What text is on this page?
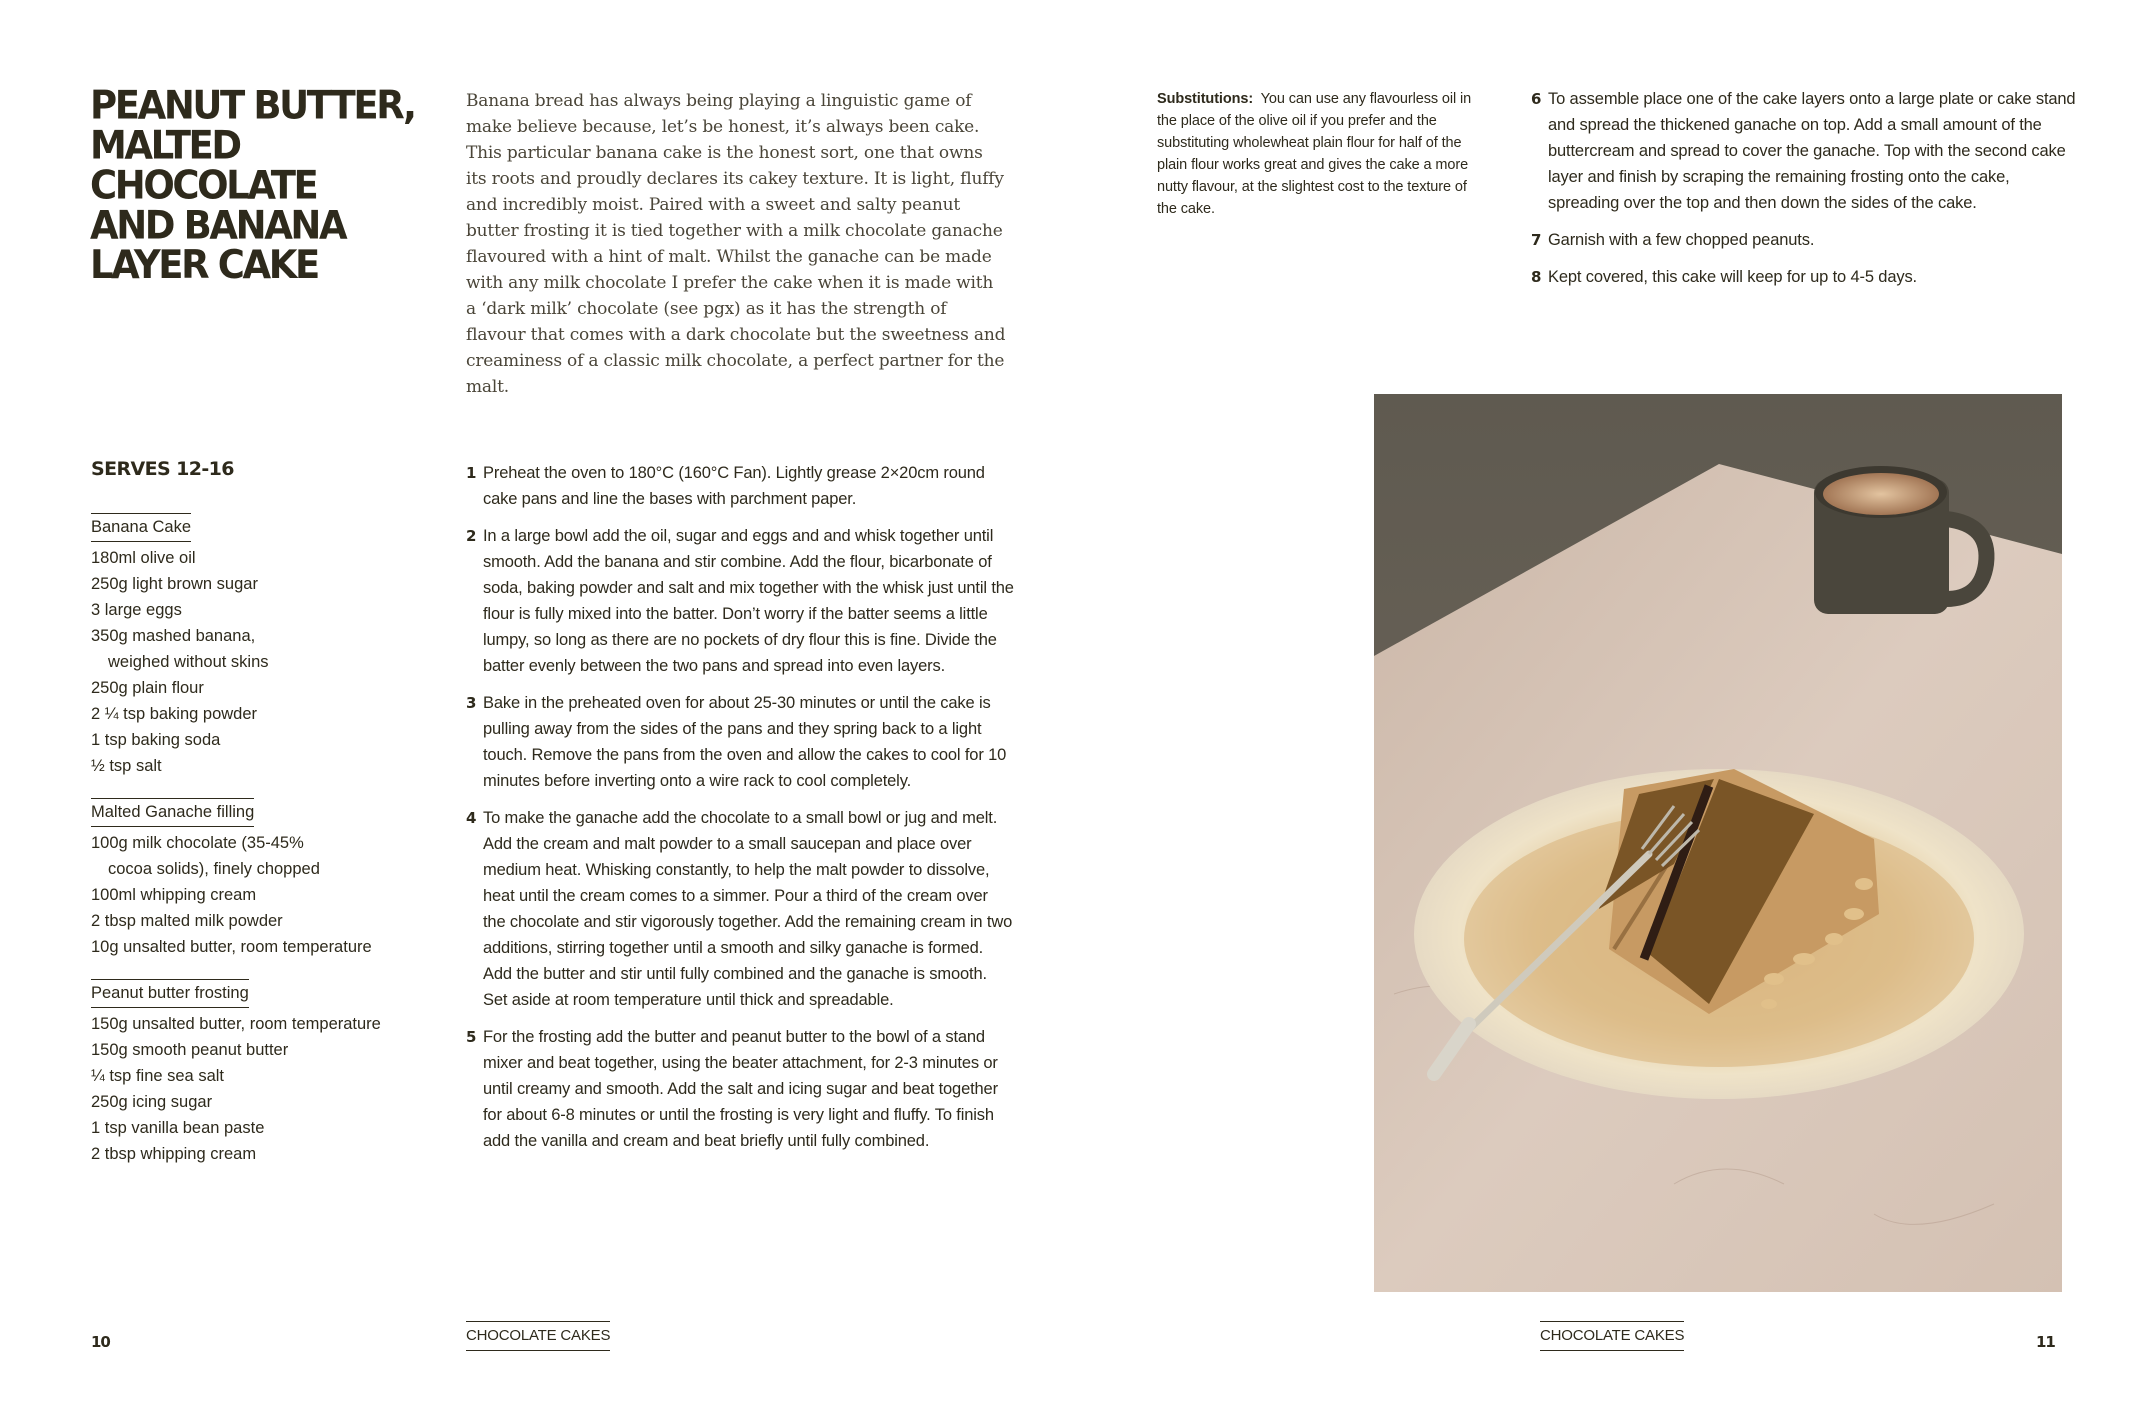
PEANUT BUTTER,
MALTED
CHOCOLATE
AND BANANA
LAYER CAKE

Banana bread has always being playing a linguistic game of make believe because, let’s be honest, it’s always been cake. This particular banana cake is the honest sort, one that owns its roots and proudly declares its cakey texture. It is light, fluffy and incredibly moist. Paired with a sweet and salty peanut butter frosting it is tied together with a milk chocolate ganache flavoured with a hint of malt. Whilst the ganache can be made with any milk chocolate I prefer the cake when it is made with a ‘dark milk’ chocolate (see pgx) as it has the strength of flavour that comes with a dark chocolate but the sweetness and creaminess of a classic milk chocolate, a perfect partner for the malt.

SERVES 12-16
Banana Cake
180ml olive oil
250g light brown sugar
3 large eggs
350g mashed banana,
weighed without skins
250g plain flour
2 ¼ tsp baking powder
1 tsp baking soda
½ tsp salt
Malted Ganache filling
100g milk chocolate (35-45%
cocoa solids), finely chopped
100ml whipping cream
2 tbsp malted milk powder
10g unsalted butter, room temperature
Peanut butter frosting
150g unsalted butter, room temperature
150g smooth peanut butter
¼ tsp fine sea salt
250g icing sugar
1 tsp vanilla bean paste
2 tbsp whipping cream
1 Preheat the oven to 180°C (160°C Fan). Lightly grease 2×20cm round cake pans and line the bases with parchment paper.
2 In a large bowl add the oil, sugar and eggs and and whisk together until smooth. Add the banana and stir combine. Add the flour, bicarbonate of soda, baking powder and salt and mix together with the whisk just until the flour is fully mixed into the batter. Don’t worry if the batter seems a little lumpy, so long as there are no pockets of dry flour this is fine. Divide the batter evenly between the two pans and spread into even layers.
3 Bake in the preheated oven for about 25-30 minutes or until the cake is pulling away from the sides of the pans and they spring back to a light touch. Remove the pans from the oven and allow the cakes to cool for 10 minutes before inverting onto a wire rack to cool completely.
4 To make the ganache add the chocolate to a small bowl or jug and melt. Add the cream and malt powder to a small saucepan and place over medium heat. Whisking constantly, to help the malt powder to dissolve, heat until the cream comes to a simmer. Pour a third of the cream over the chocolate and stir vigorously together. Add the remaining cream in two additions, stirring together until a smooth and silky ganache is formed. Add the butter and stir until fully combined and the ganache is smooth. Set aside at room temperature until thick and spreadable.
5 For the frosting add the butter and peanut butter to the bowl of a stand mixer and beat together, using the beater attachment, for 2-3 minutes or until creamy and smooth. Add the salt and icing sugar and beat together for about 6-8 minutes or until the frosting is very light and fluffy. To finish add the vanilla and cream and beat briefly until fully combined.

Substitutions: You can use any flavourless oil in the place of the olive oil if you prefer and the substituting wholewheat plain flour for half of the plain flour works great and gives the cake a more nutty flavour, at the slightest cost to the texture of the cake.

6 To assemble place one of the cake layers onto a large plate or cake stand and spread the thickened ganache on top. Add a small amount of the buttercream and spread to cover the ganache. Top with the second cake layer and finish by scraping the remaining frosting onto the cake, spreading over the top and then down the sides of the cake.
7 Garnish with a few chopped peanuts.
8 Kept covered, this cake will keep for up to 4-5 days.
10	CHOCOLATE CAKES	CHOCOLATE CAKES	11
